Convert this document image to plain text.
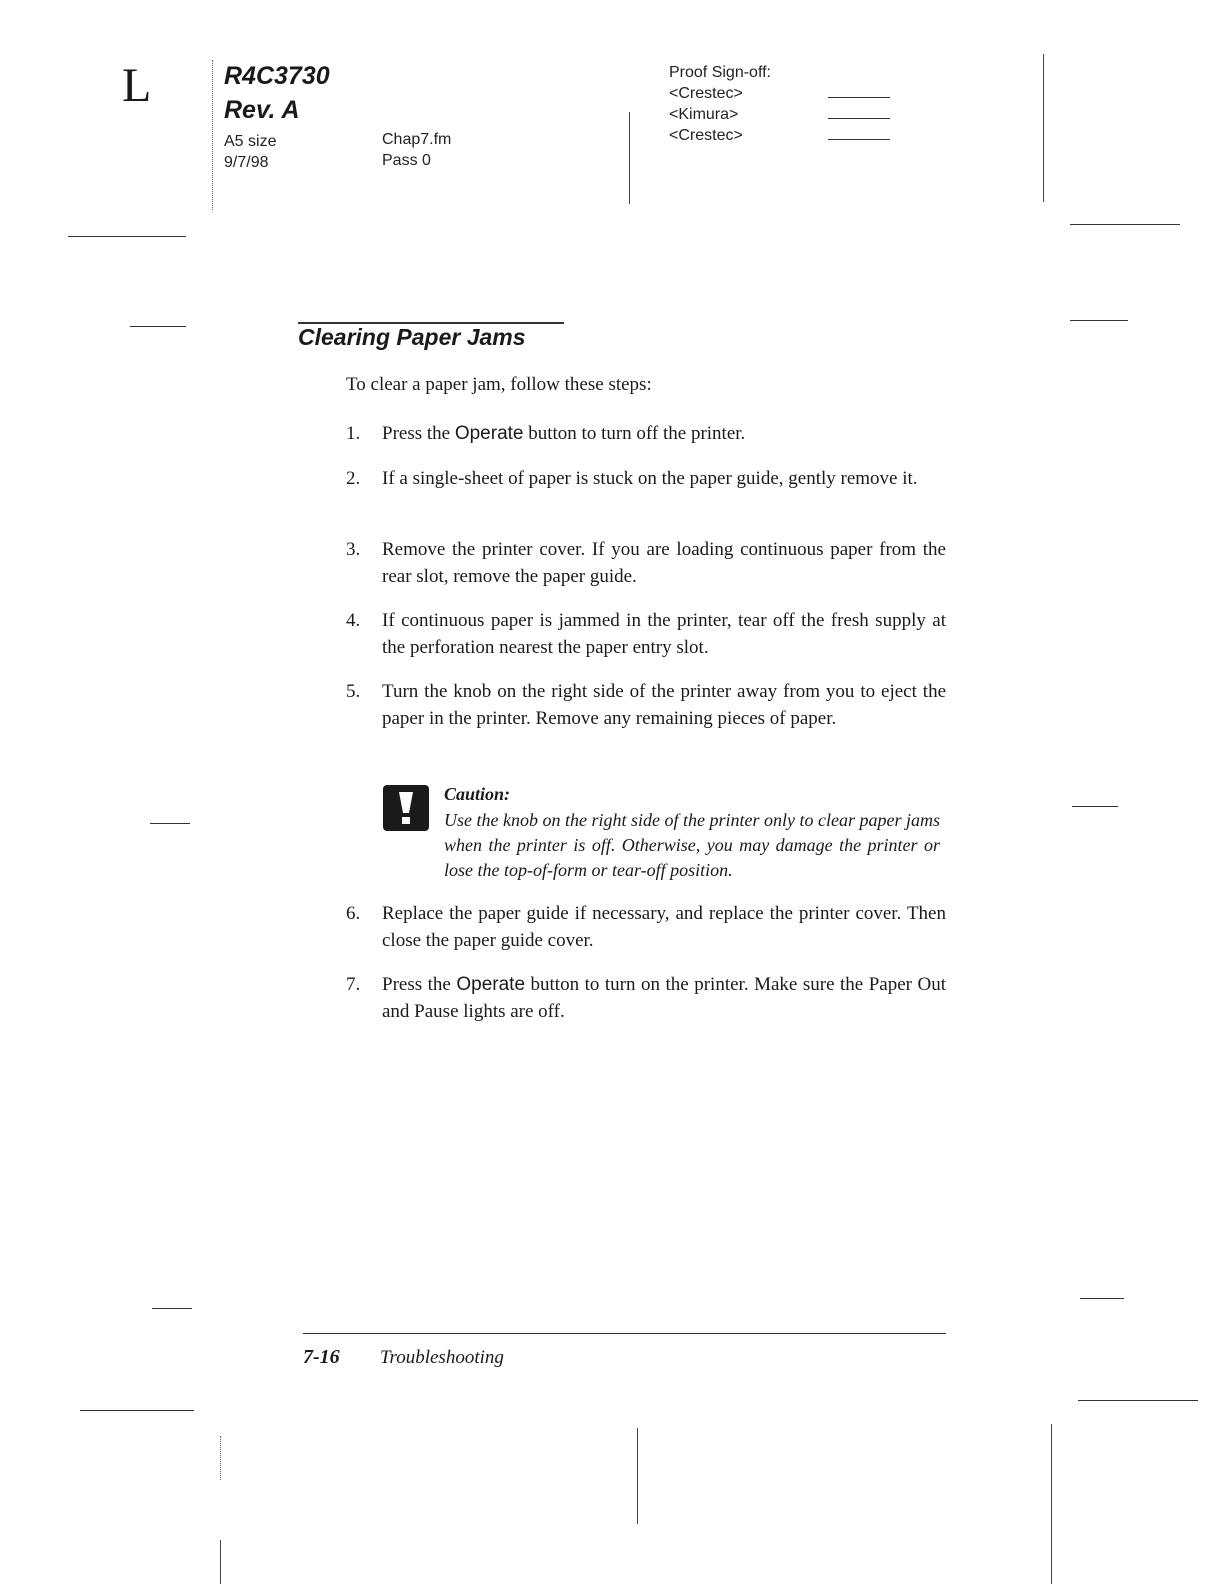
L	R4C3730
Rev. A
A5 size
9/7/98
Chap7.fm
Pass 0
Proof Sign-off:
<Crestec>
<Kimura>
<Crestec>
Clearing Paper Jams
To clear a paper jam, follow these steps:
1. Press the Operate button to turn off the printer.
2. If a single-sheet of paper is stuck on the paper guide, gently remove it.
3. Remove the printer cover. If you are loading continuous paper from the rear slot, remove the paper guide.
4. If continuous paper is jammed in the printer, tear off the fresh supply at the perforation nearest the paper entry slot.
5. Turn the knob on the right side of the printer away from you to eject the paper in the printer. Remove any remaining pieces of paper.
6. Replace the paper guide if necessary, and replace the printer cover. Then close the paper guide cover.
7. Press the Operate button to turn on the printer. Make sure the Paper Out and Pause lights are off.
Caution:
Use the knob on the right side of the printer only to clear paper jams when the printer is off. Otherwise, you may damage the printer or lose the top-of-form or tear-off position.
7-16 Troubleshooting
